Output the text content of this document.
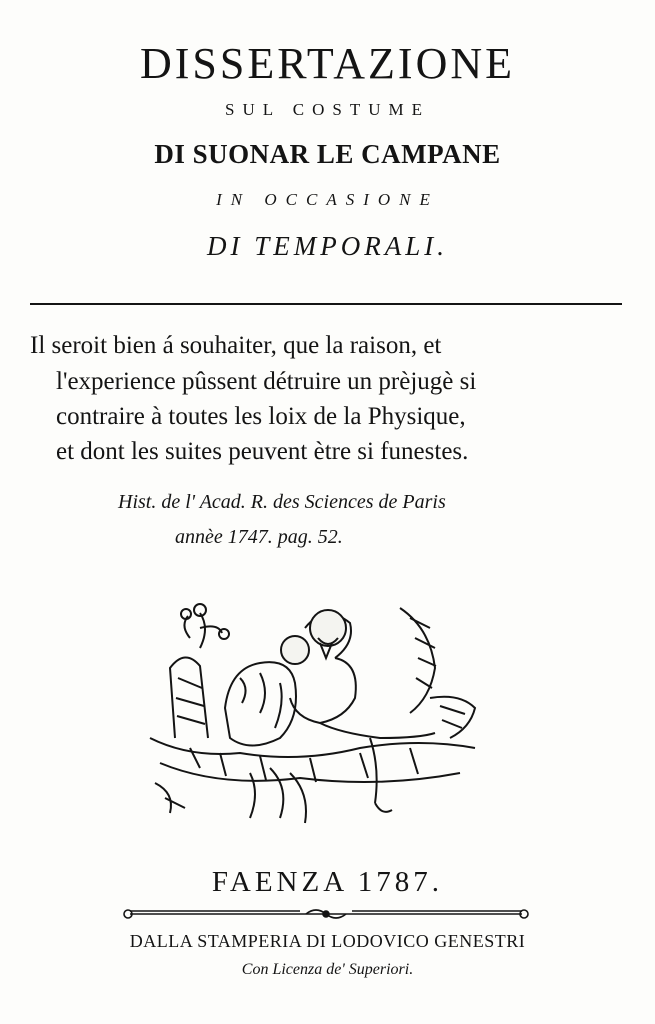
DISSERTAZIONE
SUL COSTUME
DI SUONAR LE CAMPANE
IN OCCASIONE
DI TEMPORALI.
Il seroit bien á souhaiter, que la raison, et
l'experience pûssent détruire un prèjugè si
contraire à toutes les loix de la Physique,
et dont les suites peuvent ètre si funestes.
Hist. de l' Acad. R. des Sciences de Paris
annèe 1747. pag. 52.
FAENZA 1787.
DALLA STAMPERIA DI LODOVICO GENESTRI
Con Licenza de' Superiori.
